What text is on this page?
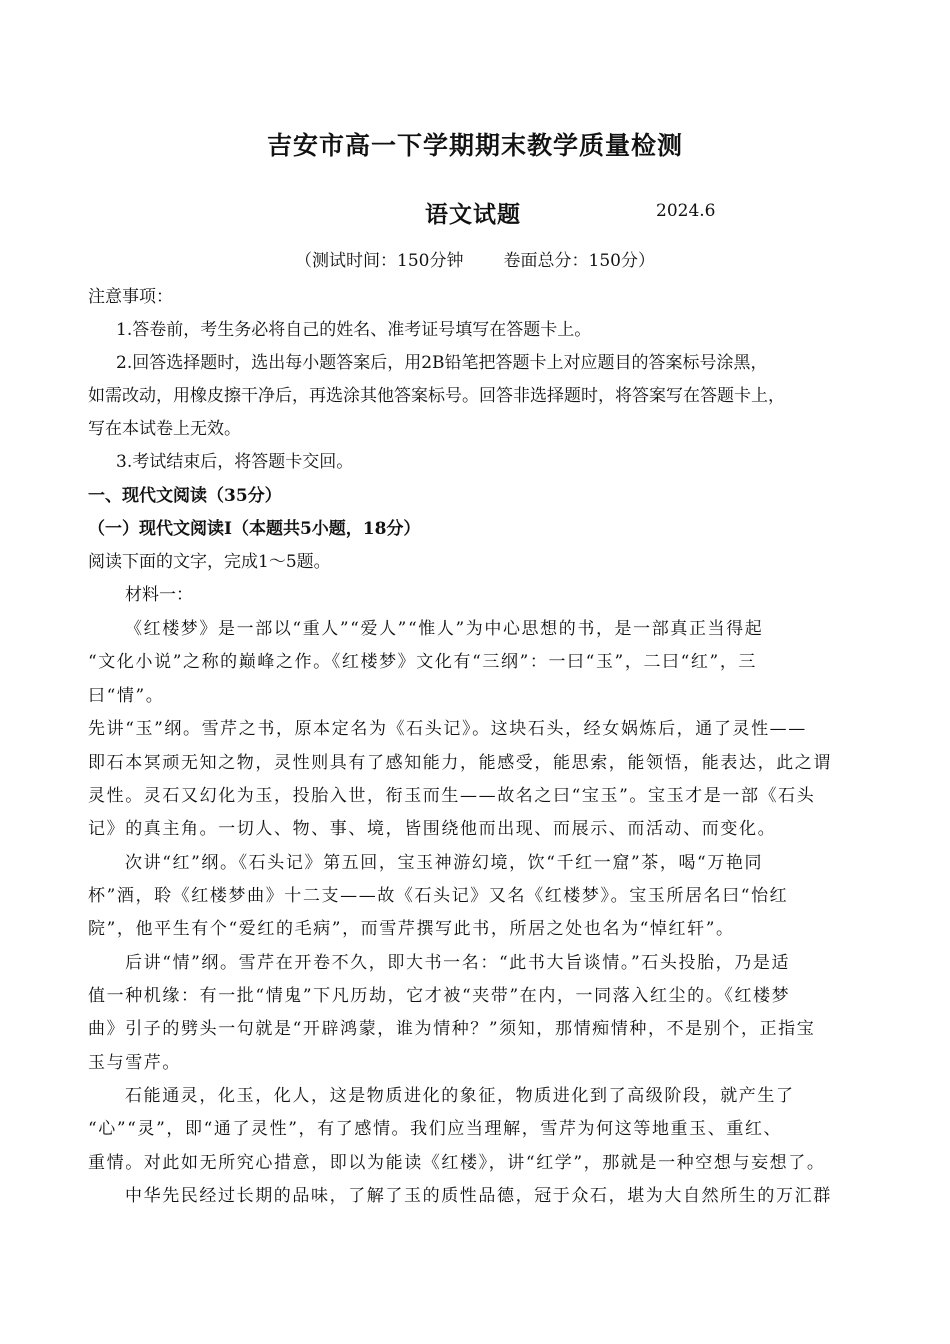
吉安市高一下学期期末教学质量检测
语文试题	2024.6
（测试时间：150分钟 卷面总分：150分）
注意事项：
1.答卷前，考生务必将自己的姓名、准考证号填写在答题卡上。
2.回答选择题时，选出每小题答案后，用2B铅笔把答题卡上对应题目的答案标号涂黑，
如需改动，用橡皮擦干净后，再选涂其他答案标号。回答非选择题时，将答案写在答题卡上，
写在本试卷上无效。
3.考试结束后，将答题卡交回。
一、现代文阅读（35分）
（一）现代文阅读Ⅰ（本题共5小题，18分）
阅读下面的文字，完成1～5题。
材料一：
《红楼梦》是一部以“重人”“爱人”“惟人”为中心思想的书，是一部真正当得起
“文化小说”之称的巅峰之作。《红楼梦》文化有“三纲”：一曰“玉”，二曰“红”，三
曰“情”。
先讲“玉”纲。雪芹之书，原本定名为《石头记》。这块石头，经女娲炼后，通了灵性——
即石本冥顽无知之物，灵性则具有了感知能力，能感受，能思索，能领悟，能表达，此之谓
灵性。灵石又幻化为玉，投胎入世，衔玉而生——故名之曰“宝玉”。宝玉才是一部《石头
记》的真主角。一切人、物、事、境，皆围绕他而出现、而展示、而活动、而变化。
次讲“红”纲。《石头记》第五回，宝玉神游幻境，饮“千红一窟”茶，喝“万艳同
杯”酒，聆《红楼梦曲》十二支——故《石头记》又名《红楼梦》。宝玉所居名曰“怡红
院”，他平生有个“爱红的毛病”，而雪芹撰写此书，所居之处也名为“悼红轩”。
后讲“情”纲。雪芹在开卷不久，即大书一名：“此书大旨谈情。”石头投胎，乃是适
值一种机缘：有一批“情鬼”下凡历劫，它才被“夹带”在内，一同落入红尘的。《红楼梦
曲》引子的劈头一句就是“开辟鸿蒙，谁为情种？”须知，那情痴情种，不是别个，正指宝
玉与雪芹。
石能通灵，化玉，化人，这是物质进化的象征，物质进化到了高级阶段，就产生了
“心”“灵”，即“通了灵性”，有了感情。我们应当理解，雪芹为何这等地重玉、重红、
重情。对此如无所究心措意，即以为能读《红楼》，讲“红学”，那就是一种空想与妄想了。
中华先民经过长期的品味，了解了玉的质性品德，冠于众石，堪为大自然所生的万汇群
